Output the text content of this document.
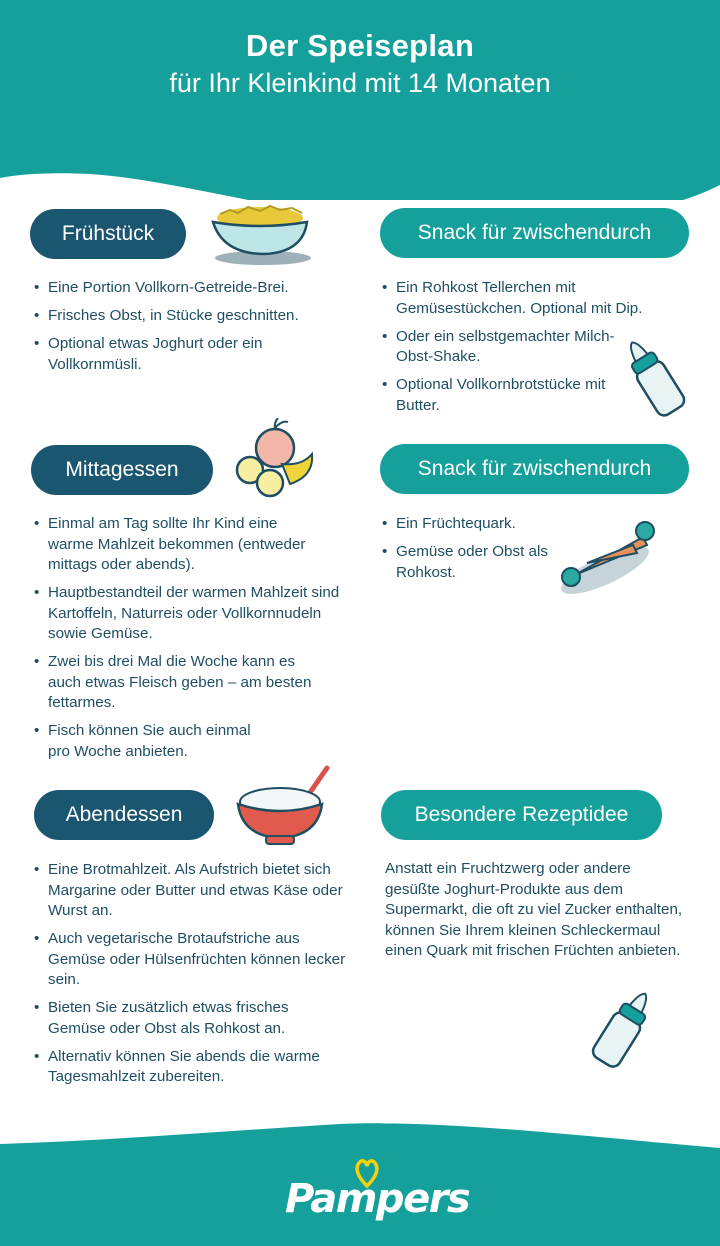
Der Speiseplan
für Ihr Kleinkind mit 14 Monaten
Frühstück
• Eine Portion Vollkorn-Getreide-Brei.
• Frisches Obst, in Stücke geschnitten.
• Optional etwas Joghurt oder ein Vollkornmüsli.
Snack für zwischendurch
• Ein Rohkost Tellerchen mit Gemüsestückchen. Optional mit Dip.
• Oder ein selbstgemachter Milch-Obst-Shake.
• Optional Vollkornbrotstücke mit Butter.
Mittagessen
• Einmal am Tag sollte Ihr Kind eine warme Mahlzeit bekommen (entweder mittags oder abends).
• Hauptbestandteil der warmen Mahlzeit sind Kartoffeln, Naturreis oder Vollkornnudeln sowie Gemüse.
• Zwei bis drei Mal die Woche kann es auch etwas Fleisch geben – am besten fettarmes.
• Fisch können Sie auch einmal pro Woche anbieten.
Snack für zwischendurch
• Ein Früchtequark.
• Gemüse oder Obst als Rohkost.
Abendessen
• Eine Brotmahlzeit. Als Aufstrich bietet sich Margarine oder Butter und etwas Käse oder Wurst an.
• Auch vegetarische Brotaufstriche aus Gemüse oder Hülsenfrüchten können lecker sein.
• Bieten Sie zusätzlich etwas frisches Gemüse oder Obst als Rohkost an.
• Alternativ können Sie abends die warme Tagesmahlzeit zubereiten.
Besondere Rezeptidee

Anstatt ein Fruchtzwerg oder andere gesüßte Joghurt-Produkte aus dem Supermarkt, die oft zu viel Zucker enthalten, können Sie Ihrem kleinen Schleckermaul einen Quark mit frischen Früchten anbieten.

Pampers
